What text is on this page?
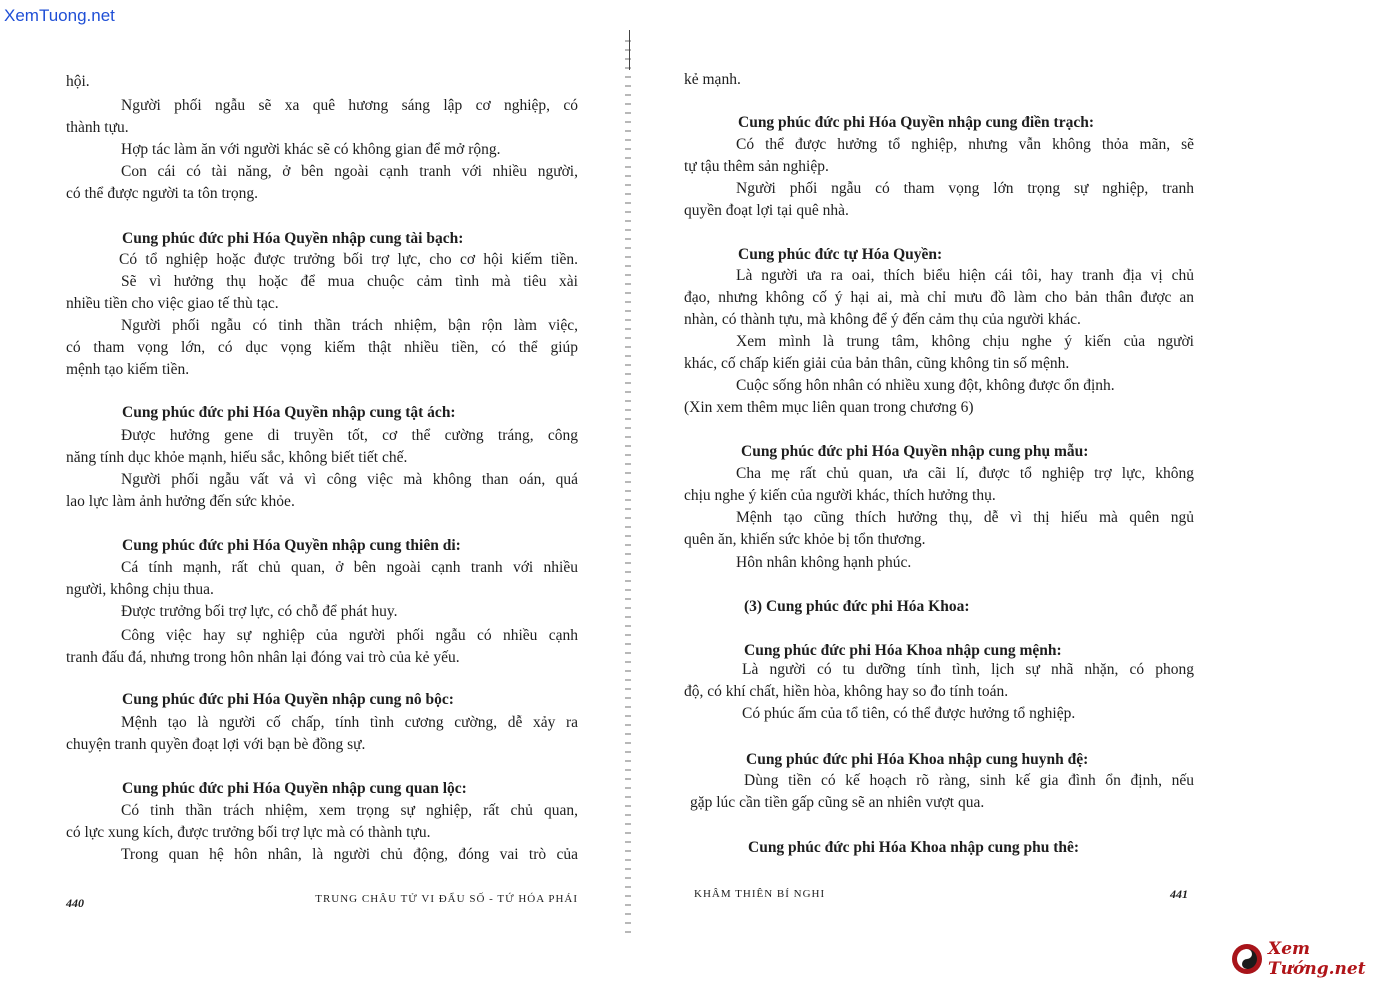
XemTuong.net
hội.
Người phối ngẫu sẽ xa quê hương sáng lập cơ nghiệp, có
thành tựu.
Hợp tác làm ăn với người khác sẽ có không gian để mở rộng.
Con cái có tài năng, ở bên ngoài cạnh tranh với nhiều người,
có thể được người ta tôn trọng.
Cung phúc đức phi Hóa Quyền nhập cung tài bạch:
Có tổ nghiệp hoặc được trưởng bối trợ lực, cho cơ hội kiếm tiền.
Sẽ vì hưởng thụ hoặc để mua chuộc cảm tình mà tiêu xài
nhiều tiền cho việc giao tế thù tạc.
Người phối ngẫu có tinh thần trách nhiệm, bận rộn làm việc,
có tham vọng lớn, có dục vọng kiếm thật nhiều tiền, có thể giúp
mệnh tạo kiếm tiền.
Cung phúc đức phi Hóa Quyền nhập cung tật ách:
Được hưởng gene di truyền tốt, cơ thể cường tráng, công
năng tính dục khỏe mạnh, hiếu sắc, không biết tiết chế.
Người phối ngẫu vất vả vì công việc mà không than oán, quá
lao lực làm ảnh hưởng đến sức khỏe.
Cung phúc đức phi Hóa Quyền nhập cung thiên di:
Cá tính mạnh, rất chủ quan, ở bên ngoài cạnh tranh với nhiều
người, không chịu thua.
Được trưởng bối trợ lực, có chỗ để phát huy.
Công việc hay sự nghiệp của người phối ngẫu có nhiều cạnh
tranh đấu đá, nhưng trong hôn nhân lại đóng vai trò của kẻ yếu.
Cung phúc đức phi Hóa Quyền nhập cung nô bộc:
Mệnh tạo là người cố chấp, tính tình cương cường, dễ xảy ra
chuyện tranh quyền đoạt lợi với bạn bè đồng sự.
Cung phúc đức phi Hóa Quyền nhập cung quan lộc:
Có tinh thần trách nhiệm, xem trọng sự nghiệp, rất chủ quan,
có lực xung kích, được trưởng bối trợ lực mà có thành tựu.
Trong quan hệ hôn nhân, là người chủ động, đóng vai trò của
440	TRUNG CHÂU TỬ VI ĐẨU SỐ - TỨ HÓA PHÁI
kẻ mạnh.
Cung phúc đức phi Hóa Quyền nhập cung điền trạch:
Có thể được hưởng tổ nghiệp, nhưng vẫn không thỏa mãn, sẽ
tự tậu thêm sản nghiệp.
Người phối ngẫu có tham vọng lớn trọng sự nghiệp, tranh
quyền đoạt lợi tại quê nhà.
Cung phúc đức tự Hóa Quyền:
Là người ưa ra oai, thích biểu hiện cái tôi, hay tranh địa vị chủ
đạo, nhưng không cố ý hại ai, mà chỉ mưu đồ làm cho bản thân được an
nhàn, có thành tựu, mà không để ý đến cảm thụ của người khác.
Xem mình là trung tâm, không chịu nghe ý kiến của người
khác, cố chấp kiến giải của bản thân, cũng không tin số mệnh.
Cuộc sống hôn nhân có nhiều xung đột, không được ổn định.
(Xin xem thêm mục liên quan trong chương 6)
Cung phúc đức phi Hóa Quyền nhập cung phụ mẫu:
Cha mẹ rất chủ quan, ưa cãi lí, được tổ nghiệp trợ lực, không
chịu nghe ý kiến của người khác, thích hưởng thụ.
Mệnh tạo cũng thích hưởng thụ, dễ vì thị hiếu mà quên ngủ
quên ăn, khiến sức khỏe bị tổn thương.
Hôn nhân không hạnh phúc.
(3) Cung phúc đức phi Hóa Khoa:
Cung phúc đức phi Hóa Khoa nhập cung mệnh:
Là người có tu dưỡng tính tình, lịch sự nhã nhặn, có phong
độ, có khí chất, hiền hòa, không hay so đo tính toán.
Có phúc ấm của tổ tiên, có thể được hưởng tổ nghiệp.
Cung phúc đức phi Hóa Khoa nhập cung huynh đệ:
Dùng tiền có kế hoạch rõ ràng, sinh kế gia đình ổn định, nếu
gặp lúc cần tiền gấp cũng sẽ an nhiên vượt qua.
Cung phúc đức phi Hóa Khoa nhập cung phu thê:
KHÂM THIÊN BÍ NGHI	441
Xem Tướng.net
